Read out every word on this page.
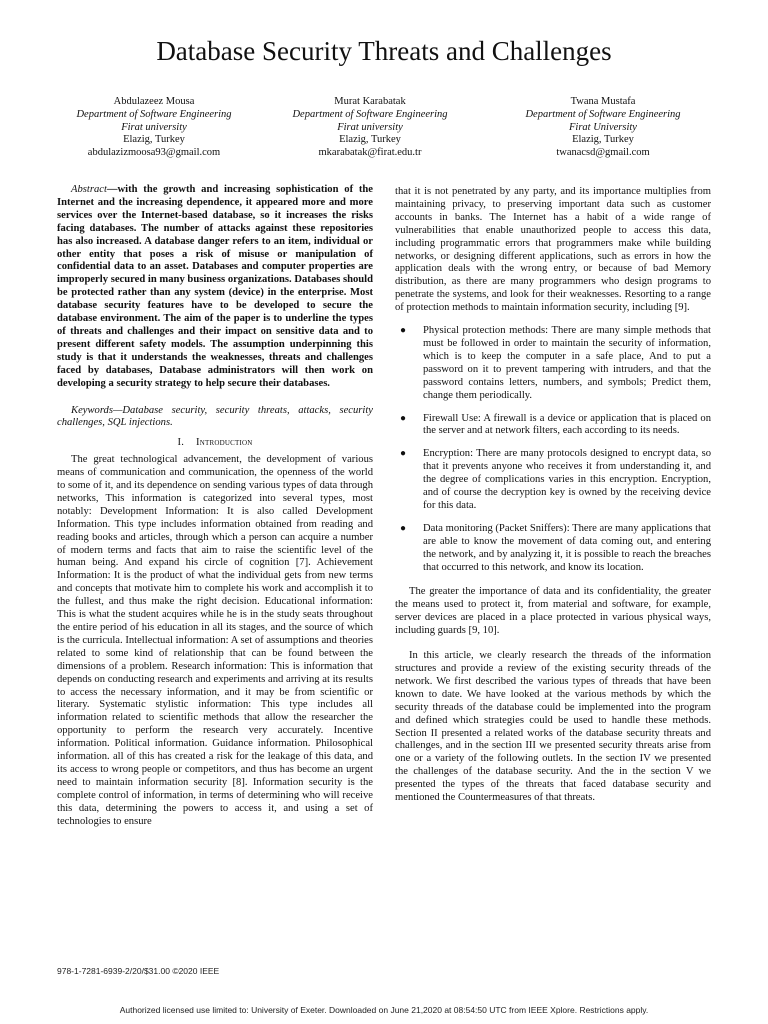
Database Security Threats and Challenges
Abdulazeez Mousa
Department of Software Engineering
Firat university
Elazig, Turkey
abdulazizmoosa93@gmail.com
Murat Karabatak
Department of Software Engineering
Firat university
Elazig, Turkey
mkarabatak@firat.edu.tr
Twana Mustafa
Department of Software Engineering
Firat University
Elazig, Turkey
twanacsd@gmail.com

Abstract—with the growth and increasing sophistication of the Internet and the increasing dependence, it appeared more and more services over the Internet-based database, so it increases the risks facing databases. The number of attacks against these repositories has also increased. A database danger refers to an item, individual or other entity that poses a risk of misuse or manipulation of confidential data to an asset. Databases and computer properties are improperly secured in many business organizations. Databases should be protected rather than any system (device) in the enterprise. Most database security features have to be developed to secure the database environment. The aim of the paper is to underline the types of threats and challenges and their impact on sensitive data and to present different safety models. The assumption underpinning this study is that it understands the weaknesses, threats and challenges faced by databases, Database administrators will then work on developing a security strategy to help secure their databases.

Keywords—Database security, security threats, attacks, security challenges, SQL injections.

I. Introduction

The great technological advancement, the development of various means of communication and communication, the openness of the world to some of it, and its dependence on sending various types of data through networks, This information is categorized into several types, most notably: Development Information: It is also called Development Information. This type includes information obtained from reading and reading books and articles, through which a person can acquire a number of modern terms and facts that aim to raise the scientific level of the human being. And expand his circle of cognition [7]. Achievement Information: It is the product of what the individual gets from new terms and concepts that motivate him to complete his work and accomplish it to the fullest, and thus make the right decision. Educational information: This is what the student acquires while he is in the study seats throughout the entire period of his education in all its stages, and the source of which is the curricula. Intellectual information: A set of assumptions and theories related to some kind of relationship that can be found between the dimensions of a problem. Research information: This is information that depends on conducting research and experiments and arriving at its results to access the necessary information, and it may be from scientific or literary. Systematic stylistic information: This type includes all information related to scientific methods that allow the researcher the opportunity to perform the research very accurately. Incentive information. Political information. Guidance information. Philosophical information. all of this has created a risk for the leakage of this data, and its access to wrong people or competitors, and thus has become an urgent need to maintain information security [8]. Information security is the complete control of information, in terms of determining who will receive this data, determining the powers to access it, and using a set of technologies to ensure

that it is not penetrated by any party, and its importance multiplies from maintaining privacy, to preserving important data such as customer accounts in banks. The Internet has a habit of a wide range of vulnerabilities that enable unauthorized people to access this data, including programmatic errors that programmers make while building networks, or designing different applications, such as errors in how the application deals with the wrong entry, or because of bad Memory distribution, as there are many programmers who design programs to penetrate the systems, and look for their weaknesses. Resorting to a range of protection methods to maintain information security, including [9].

● Physical protection methods: There are many simple methods that must be followed in order to maintain the security of information, which is to keep the computer in a safe place, And to put a password on it to prevent tampering with intruders, and that the password contains letters, numbers, and symbols; Predict them, change them periodically.
● Firewall Use: A firewall is a device or application that is placed on the server and at network filters, each according to its needs.
● Encryption: There are many protocols designed to encrypt data, so that it prevents anyone who receives it from understanding it, and the degree of complications varies in this encryption. Encryption, and of course the decryption key is owned by the receiving device for this data.
● Data monitoring (Packet Sniffers): There are many applications that are able to know the movement of data coming out, and entering the network, and by analyzing it, it is possible to reach the breaches that occurred to this network, and know its location.

The greater the importance of data and its confidentiality, the greater the means used to protect it, from material and software, for example, server devices are placed in a place protected in various physical ways, including guards [9, 10].

In this article, we clearly research the threads of the information structures and provide a review of the existing security threads of the network. We first described the various types of threads that have been known to date. We have looked at the various methods by which the security threads of the database could be implemented into the program and defined which strategies could be used to handle these methods. Section II presented a related works of the database security threats and challenges, and in the section III we presented security threats arise from one or a variety of the following outlets. In the section IV we presented the challenges of the database security. And the in the section V we presented the types of the threats that faced database security and mentioned the Countermeasures of that threats.

978-1-7281-6939-2/20/$31.00 ©2020 IEEE
Authorized licensed use limited to: University of Exeter. Downloaded on June 21,2020 at 08:54:50 UTC from IEEE Xplore. Restrictions apply.
